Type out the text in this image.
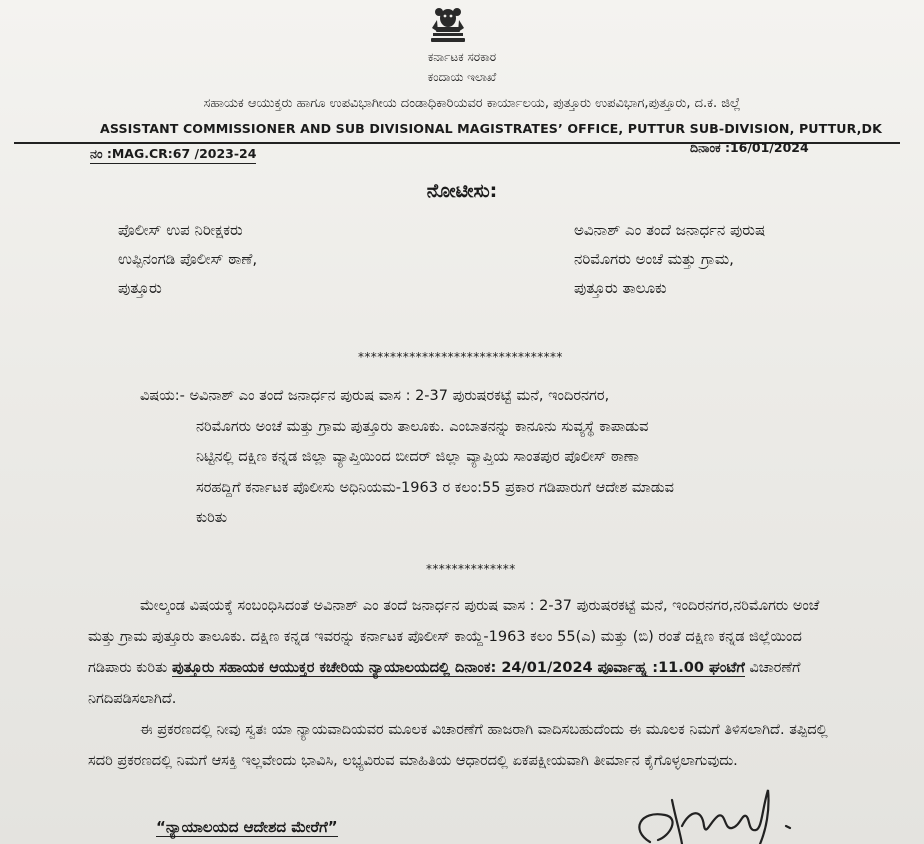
ಕರ್ನಾಟಕ ಸರಕಾರ
ಕಂದಾಯ ಇಲಾಖೆ
ಸಹಾಯಕ ಆಯುಕ್ತರು ಹಾಗೂ ಉಪವಿಭಾಗೀಯ ದಂಡಾಧಿಕಾರಿಯವರ ಕಾರ್ಯಾಲಯ, ಪುತ್ತೂರು ಉಪವಿಭಾಗ,ಪುತ್ತೂರು, ದ.ಕ. ಜಿಲ್ಲೆ
ASSISTANT COMMISSIONER AND SUB DIVISIONAL MAGISTRATES’ OFFICE, PUTTUR SUB-DIVISION, PUTTUR,DK
ನಂ :MAG.CR:67 /2023-24	ದಿನಾಂಕ :16/01/2024
ನೋಟೀಸು:
ಪೊಲೀಸ್ ಉಪ ನಿರೀಕ್ಷಕರು
ಉಪ್ಪಿನಂಗಡಿ ಪೊಲೀಸ್ ಠಾಣೆ,
ಪುತ್ತೂರು
ಅವಿನಾಶ್ ಎಂ ತಂದೆ ಜನಾರ್ಧನ ಪುರುಷ
ನರಿಮೊಗರು ಅಂಚೆ ಮತ್ತು ಗ್ರಾಮ,
ಪುತ್ತೂರು ತಾಲೂಕು
********************************
ವಿಷಯ:- ಅವಿನಾಶ್ ಎಂ ತಂದೆ ಜನಾರ್ಧನ ಪುರುಷ ವಾಸ : 2-37 ಪುರುಷರಕಟ್ಟೆ ಮನೆ, ಇಂದಿರನಗರ,
ನರಿಮೊಗರು ಅಂಚೆ ಮತ್ತು ಗ್ರಾಮ ಪುತ್ತೂರು ತಾಲೂಕು. ಎಂಬಾತನನ್ನು ಕಾನೂನು ಸುವ್ಯಸ್ಥೆ ಕಾಪಾಡುವ
ನಿಟ್ಟಿನಲ್ಲಿ ದಕ್ಷಿಣ ಕನ್ನಡ ಜಿಲ್ಲಾ ವ್ಯಾಪ್ತಿಯಿಂದ ಬೀದರ್ ಜಿಲ್ಲಾ ವ್ಯಾಪ್ತಿಯ ಸಾಂತಪುರ ಪೊಲೀಸ್ ಠಾಣಾ
ಸರಹದ್ದಿಗೆ ಕರ್ನಾಟಕ ಪೊಲೀಸು ಅಧಿನಿಯಮ-1963 ರ ಕಲಂ:55 ಪ್ರಕಾರ ಗಡಿಪಾರುಗೆ ಆದೇಶ ಮಾಡುವ
ಕುರಿತು
**************
ಮೇಲ್ಕಂಡ ವಿಷಯಕ್ಕೆ ಸಂಬಂಧಿಸಿದಂತೆ ಅವಿನಾಶ್ ಎಂ ತಂದೆ ಜನಾರ್ಧನ ಪುರುಷ ವಾಸ : 2-37 ಪುರುಷರಕಟ್ಟೆ ಮನೆ, ಇಂದಿರನಗರ,ನರಿಮೊಗರು ಅಂಚೆ ಮತ್ತು ಗ್ರಾಮ ಪುತ್ತೂರು ತಾಲೂಕು. ದಕ್ಷಿಣ ಕನ್ನಡ ಇವರನ್ನು ಕರ್ನಾಟಕ ಪೊಲೀಸ್ ಕಾಯ್ದೆ-1963 ಕಲಂ 55(ಎ) ಮತ್ತು (ಬಿ) ರಂತೆ ದಕ್ಷಿಣ ಕನ್ನಡ ಜಿಲ್ಲೆಯಿಂದ ಗಡಿಪಾರು ಕುರಿತು ಪುತ್ತೂರು ಸಹಾಯಕ ಆಯುಕ್ತರ ಕಚೇರಿಯ ನ್ಯಾಯಾಲಯದಲ್ಲಿ ದಿನಾಂಕ: 24/01/2024 ಪೂರ್ವಾಹ್ನ :11.00 ಘಂಟೆಗೆ ವಿಚಾರಣೆಗೆ ನಿಗದಿಪಡಿಸಲಾಗಿದೆ.
ಈ ಪ್ರಕರಣದಲ್ಲಿ ನೀವು ಸ್ವತಃ ಯಾ ನ್ಯಾಯವಾದಿಯವರ ಮೂಲಕ ವಿಚಾರಣೆಗೆ ಹಾಜರಾಗಿ ವಾದಿಸಬಹುದೆಂದು ಈ ಮೂಲಕ ನಿಮಗೆ ತಿಳಿಸಲಾಗಿದೆ. ತಪ್ಪಿದಲ್ಲಿ ಸದರಿ ಪ್ರಕರಣದಲ್ಲಿ ನಿಮಗೆ ಆಸಕ್ತಿ ಇಲ್ಲವೇಂದು ಭಾವಿಸಿ, ಲಭ್ಯವಿರುವ ಮಾಹಿತಿಯ ಆಧಾರದಲ್ಲಿ ಏಕಪಕ್ಷೀಯವಾಗಿ ತೀರ್ಮಾನ ಕೈಗೊಳ್ಳಲಾಗುವುದು.
“ನ್ಯಾಯಾಲಯದ ಆದೇಶದ ಮೇರೆಗೆ”
